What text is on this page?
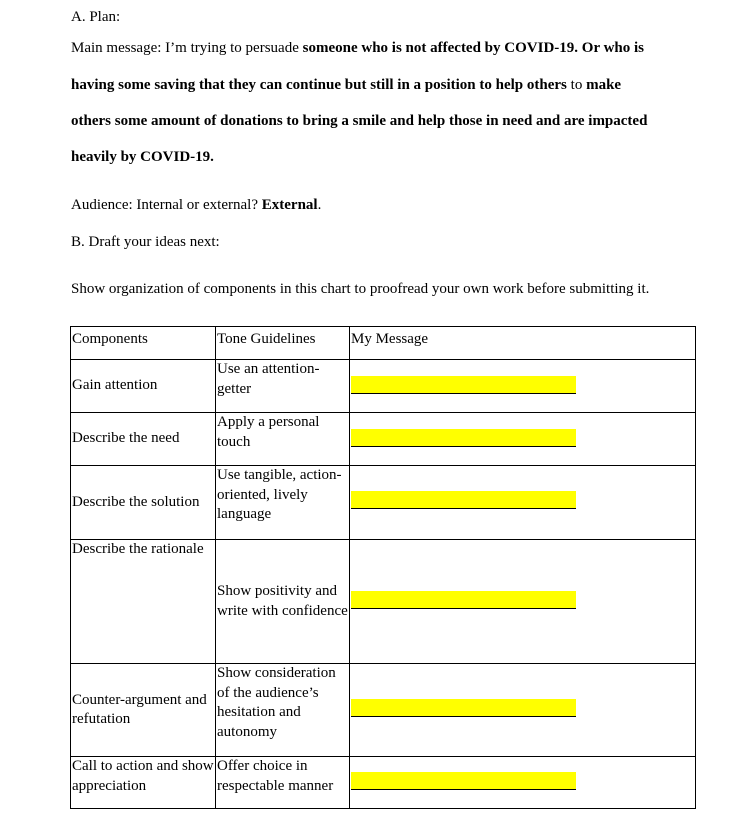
A. Plan:
Main message: I’m trying to persuade someone who is not affected by COVID-19. Or who is
having some saving that they can continue but still in a position to help others to make
others some amount of donations to bring a smile and help those in need and are impacted
heavily by COVID-19.
Audience: Internal or external? External.
B. Draft your ideas next:
Show organization of components in this chart to proofread your own work before submitting it.
Components	Tone Guidelines	My Message
Gain attention	Use an attention-getter	

Describe the need	Apply a personal touch	

Describe the solution	Use tangible, action-oriented, lively language	

Describe the rationale	Show positivity and write with confidence	

Counter-argument and refutation	Show consideration of the audience’s hesitation and autonomy	

Call to action and show appreciation	Offer choice in respectable manner	
